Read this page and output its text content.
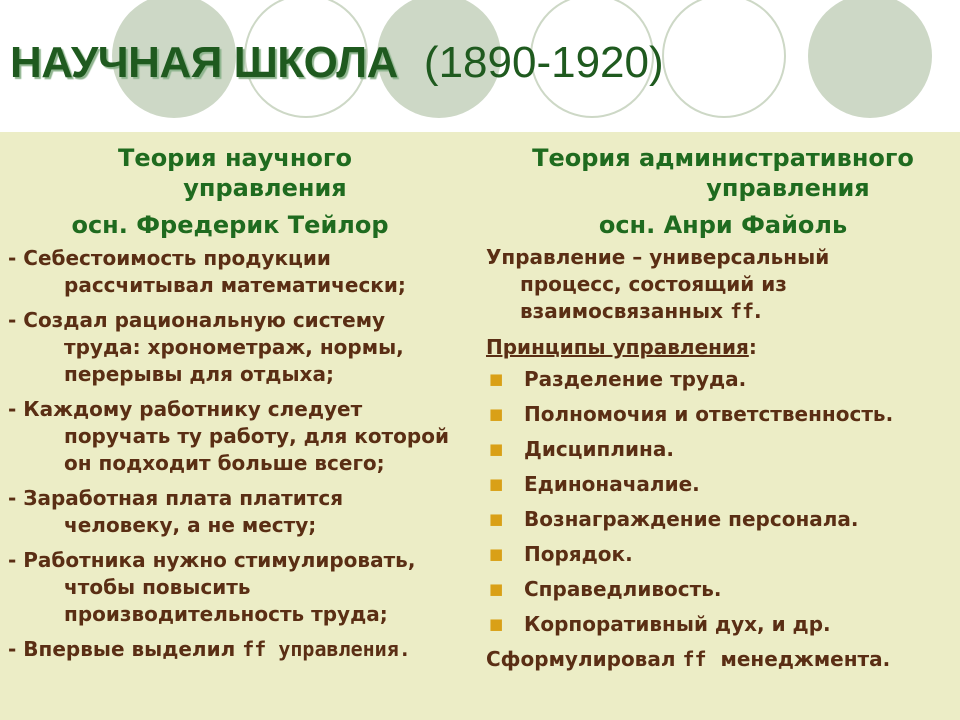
НАУЧНАЯ ШКОЛА (1890-1920)
Теория научного
управления
осн. Фредерик Тейлор
- Себестоимость продукции
рассчитывал математически;
- Создал рациональную систему
труда: хронометраж, нормы,
перерывы для отдыха;
- Каждому работнику следует
поручать ту работу, для которой
он подходит больше всего;
- Заработная плата платится
человеку, а не месту;
- Работника нужно стимулировать,
чтобы повысить
производительность труда;
- Впервые выделил ff управления.
Теория административного
управления
осн. Анри Файоль
Управление – универсальный
процесс, состоящий из
взаимосвязанных ff.
Принципы управления:
■ Разделение труда.
■ Полномочия и ответственность.
■ Дисциплина.
■ Единоначалие.
■ Вознаграждение персонала.
■ Порядок.
■ Справедливость.
■ Корпоративный дух, и др.
Сформулировал ff  менеджмента.
